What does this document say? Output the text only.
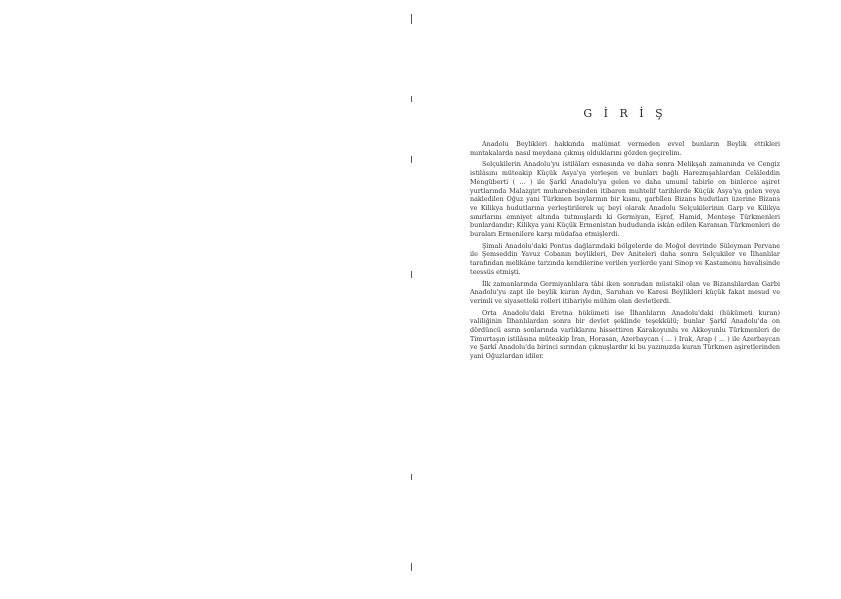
G İ R İ Ş

Anadolu Beylikleri hakkında malûmat vermeden evvel bunların Beylik ettikleri mıntakalarda nasıl meydana çıkmış olduklarını gözden geçirelim.

Selçukilerin Anadolu'yu istilâları esnasında ve daha sonra Melikşah zamanında ve Cengiz istilâsını müteakip Küçük Asya'ya yerleşen ve bunları bağlı Harezmşahlardan Celâleddin Mengüberti ( ... ) ile Şarkî Anadolu'ya gelen ve daha umumî tabirle on binlerce aşiret yurtlarında Malazgirt muharebesinden itibaren muhtelif tarihlerde Küçük Asya'ya gelen veya nakledilen Oğuz yani Türkmen boylarının bir kısmı, garbîlen Bizans hudutları üzerine Bizans ve Kilikya hudutlarına yerleştirilerek uç beyi olarak Anadolu Selçukilerinin Garp ve Kilikya sınırlarını emniyet altında tutmuşlardı ki Germiyan, Eşref, Hamid, Menteşe Türkmenleri bunlardandır; Kilikya yani Küçük Ermenistan hududunda iskân edilen Karaman Türkmenleri de buraları Ermenilere karşı müdafaa etmişlerdi.

Şimali Anadolu'daki Pontus dağlarındaki bölgelerde de Moğol devrinde Süleyman Pervane ile Şemseddin Yavuz Cobanın beylikleri, Dev Aniteleri daha sonra Selçukiler ve İlhanlılar tarafından melikâne tarzında kendilerine verilen yerlerde yani Sinop ve Kastamonu havalisinde teessüs etmişti.

İlk zamanlarında Germiyanlılara tâbi iken sonradan müstakil olan ve Bizanslılardan Garbi Anadolu'yu zapt ile beylik kuran Aydın, Saruhan ve Karesi Beylikleri küçük fakat mesud ve verimli ve siyasetteki rolleri itibariyle mühim olan devletlerdi.

Orta Anadolu'daki Eretna hükümeti ise İlhanlıların Anadolu'daki (hükümeti kuran) valiliğinin İlhanlılardan sonra bir devlet şeklinde teşekkülü; bunlar Şarkî Anadolu'da on dördüncü asrın sonlarında varlıklarını hissettiren Karakoyunlu ve Akkoyunlu Türkmenleri de Timurtaşın istilâsına müteakip İran, Horasan, Azerbaycan ( ... ) Irak, Arap ( ... ) ile Azerbaycan ve Şarkî Anadolu'da birinci sırından çıkmışlardır ki bu yazımızda kuran Türkmen aşiretlerinden yani Oğuzlardan idiler.
